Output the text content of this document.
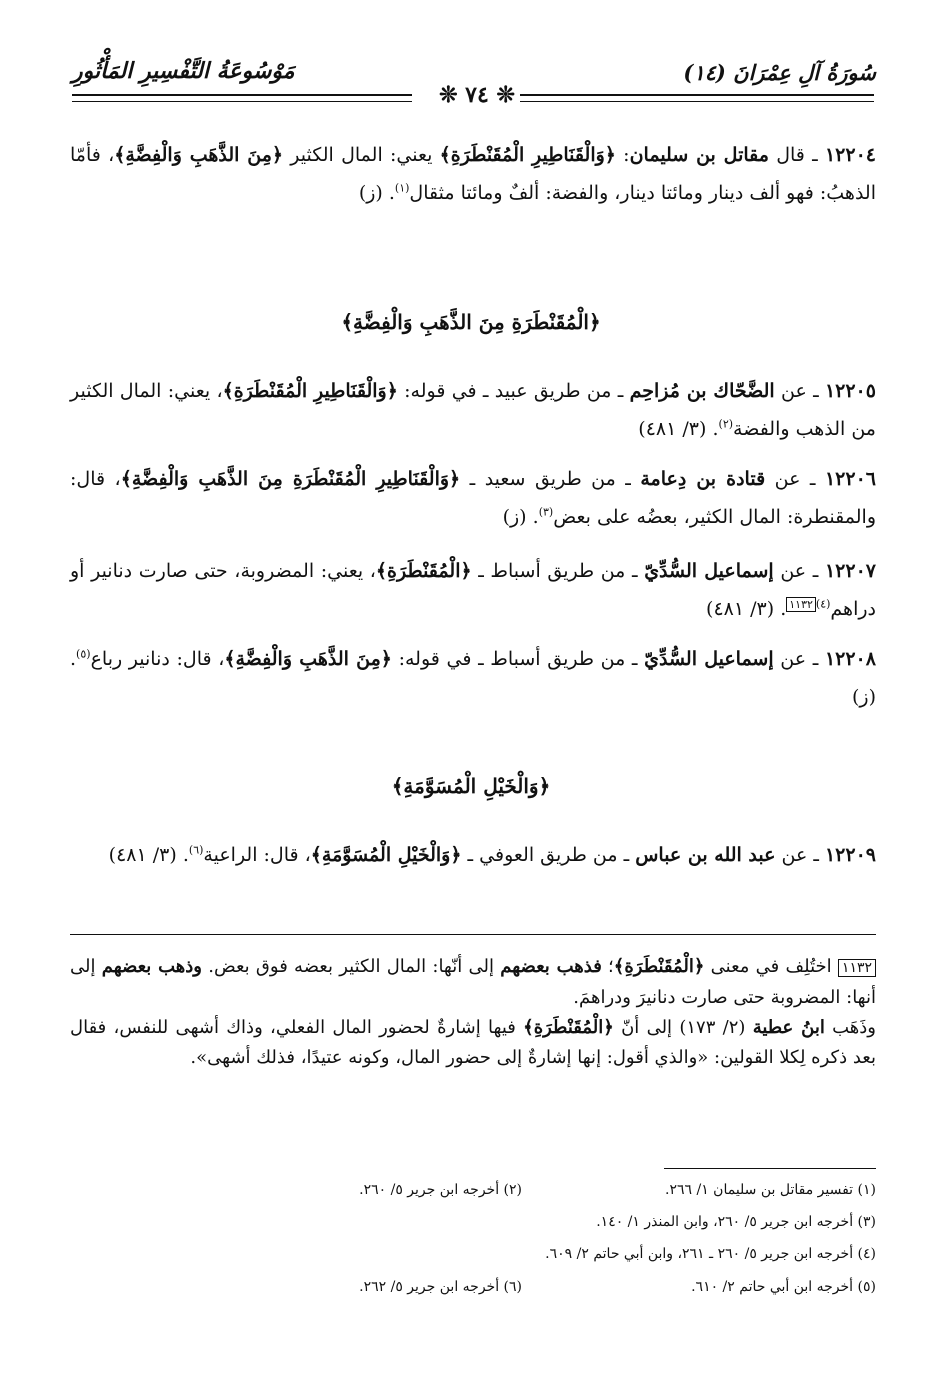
سُورَةُ آلِ عِمْرَانَ (١٤)
مَوْسُوعَةُ التَّفْسِيرِ المَأْثُورِ
❊ ٧٤ ❊
١٢٢٠٤ ـ قال مقاتل بن سليمان: ﴿وَالْقَنَاطِيرِ الْمُقَنْطَرَةِ﴾ يعني: المال الكثير ﴿مِنَ الذَّهَبِ وَالْفِضَّةِ﴾، فأمّا الذهبُ: فهو ألف دينار ومائتا دينار، والفضة: ألفٌ ومائتا مثقال$^{(١)}$. (ز)
﴿الْمُقَنْطَرَةِ مِنَ الذَّهَبِ وَالْفِضَّةِ﴾
١٢٢٠٥ ـ عن الضَّحّاك بن مُزاحِم ـ من طريق عبيد ـ في قوله: ﴿وَالْقَنَاطِيرِ الْمُقَنْطَرَةِ﴾، يعني: المال الكثير من الذهب والفضة$^{(٢)}$. (٣/ ٤٨١)
١٢٢٠٦ ـ عن قتادة بن دِعامة ـ من طريق سعيد ـ ﴿وَالْقَنَاطِيرِ الْمُقَنْطَرَةِ مِنَ الذَّهَبِ وَالْفِضَّةِ﴾، قال: والمقنطرة: المال الكثير، بعضُه على بعض$^{(٣)}$. (ز)
١٢٢٠٧ ـ عن إسماعيل السُّدِّيّ ـ من طريق أسباط ـ ﴿الْمُقَنْطَرَةِ﴾، يعني: المضروبة، حتى صارت دنانير أو دراهم$^{(٤)١١٣٢}$. (٣/ ٤٨١)
١٢٢٠٨ ـ عن إسماعيل السُّدِّيّ ـ من طريق أسباط ـ في قوله: ﴿مِنَ الذَّهَبِ وَالْفِضَّةِ﴾، قال: دنانير رباع$^{(٥)}$. (ز)
﴿وَالْخَيْلِ الْمُسَوَّمَةِ﴾
١٢٢٠٩ ـ عن عبد الله بن عباس ـ من طريق العوفي ـ ﴿وَالْخَيْلِ الْمُسَوَّمَةِ﴾، قال: الراعية$^{(٦)}$. (٣/ ٤٨١)
١١٣٢ اختُلِف في معنى ﴿الْمُقَنْطَرَةِ﴾؛ فذهب بعضهم إلى أنّها: المال الكثير بعضه فوق بعض. وذهب بعضهم إلى أنها: المضروبة حتى صارت دنانيرَ ودراهمَ.
وذَهَب ابنُ عطية (٢/ ١٧٣) إلى أنّ ﴿الْمُقَنْطَرَةِ﴾ فيها إشارةٌ لحضور المال الفعلي، وذاك أشهى للنفس، فقال بعد ذكره لِكلا القولين: «والذي أقول: إنها إشارةٌ إلى حضور المال، وكونه عتيدًا، فذلك أشهى».
(١) تفسير مقاتل بن سليمان ١/ ٢٦٦.
(٢) أخرجه ابن جرير ٥/ ٢٦٠.
(٣) أخرجه ابن جرير ٥/ ٢٦٠، وابن المنذر ١/ ١٤٠.
(٤) أخرجه ابن جرير ٥/ ٢٦٠ ـ ٢٦١، وابن أبي حاتم ٢/ ٦٠٩.
(٥) أخرجه ابن أبي حاتم ٢/ ٦١٠.
(٦) أخرجه ابن جرير ٥/ ٢٦٢.
